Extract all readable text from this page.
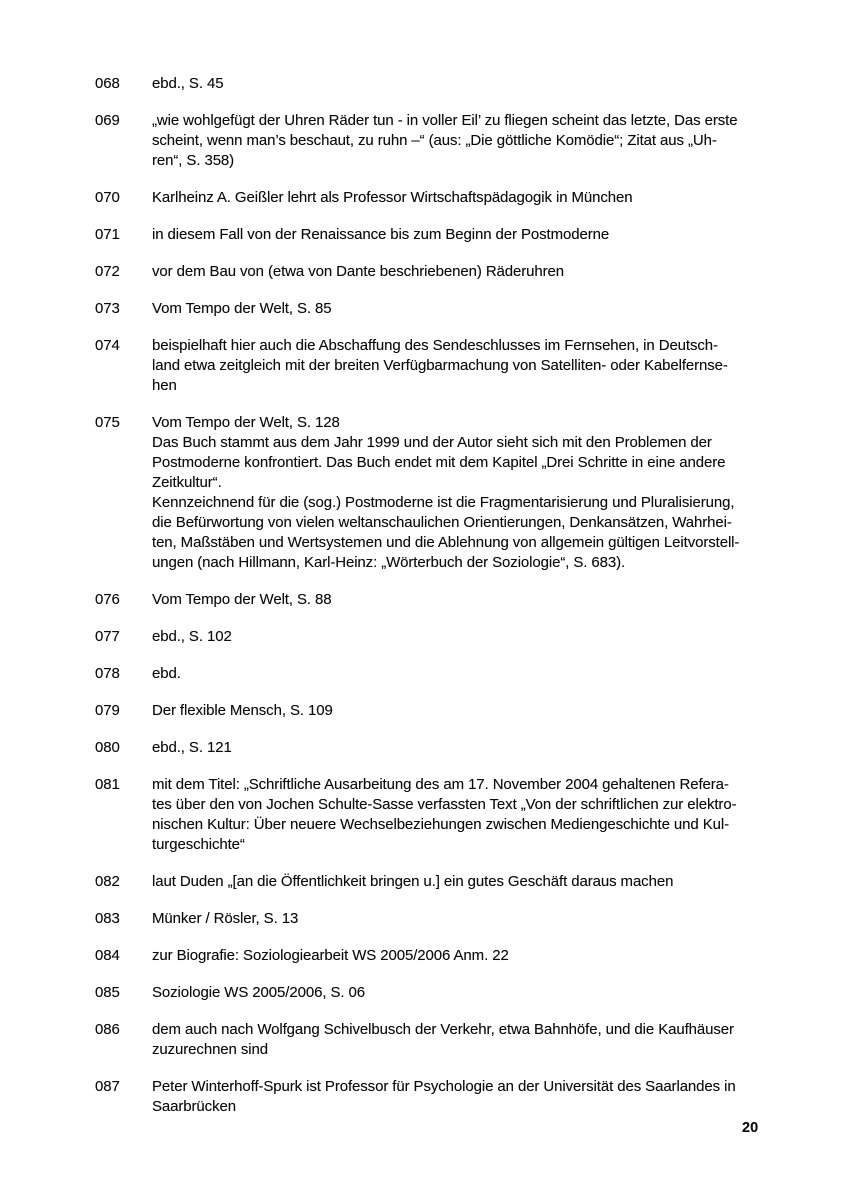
068	ebd., S. 45
069	„wie wohlgefügt der Uhren Räder tun - in voller Eil’ zu fliegen scheint das letzte, Das erste
scheint, wenn man’s beschaut, zu ruhn –“ (aus: „Die göttliche Komödie“; Zitat aus „Uh-
ren“, S. 358)
070	Karlheinz A. Geißler lehrt als Professor Wirtschaftspädagogik in München
071	in diesem Fall von der Renaissance bis zum Beginn der Postmoderne
072	vor dem Bau von (etwa von Dante beschriebenen) Räderuhren
073	Vom Tempo der Welt, S. 85
074	beispielhaft hier auch die Abschaffung des Sendeschlusses im Fernsehen, in Deutsch-
land etwa zeitgleich mit der breiten Verfügbarmachung von Satelliten- oder Kabelfernse-
hen
075	Vom Tempo der Welt, S. 128
Das Buch stammt aus dem Jahr 1999 und der Autor sieht sich mit den Problemen der
Postmoderne konfrontiert. Das Buch endet mit dem Kapitel „Drei Schritte in eine andere
Zeitkultur“.
Kennzeichnend für die (sog.) Postmoderne ist die Fragmentarisierung und Pluralisierung,
die Befürwortung von vielen weltanschaulichen Orientierungen, Denkansätzen, Wahrhei-
ten, Maßstäben und Wertsystemen und die Ablehnung von allgemein gültigen Leitvorstell-
ungen (nach Hillmann, Karl-Heinz: „Wörterbuch der Soziologie“, S. 683).
076	Vom Tempo der Welt, S. 88
077	ebd., S. 102
078	ebd.
079	Der flexible Mensch, S. 109
080	ebd., S. 121
081	mit dem Titel: „Schriftliche Ausarbeitung des am 17. November 2004 gehaltenen Refera-
tes über den von Jochen Schulte-Sasse verfassten Text „Von der schriftlichen zur elektro-
nischen Kultur: Über neuere Wechselbeziehungen zwischen Mediengeschichte und Kul-
turgeschichte“
082	laut Duden „[an die Öffentlichkeit bringen u.] ein gutes Geschäft daraus machen
083	Münker / Rösler, S. 13
084	zur Biografie: Soziologiearbeit WS 2005/2006 Anm. 22
085	Soziologie WS 2005/2006, S. 06
086	dem auch nach Wolfgang Schivelbusch der Verkehr, etwa Bahnhöfe, und die Kaufhäuser
zuzurechnen sind
087	Peter Winterhoff-Spurk ist Professor für Psychologie an der Universität des Saarlandes in
Saarbrücken
20
